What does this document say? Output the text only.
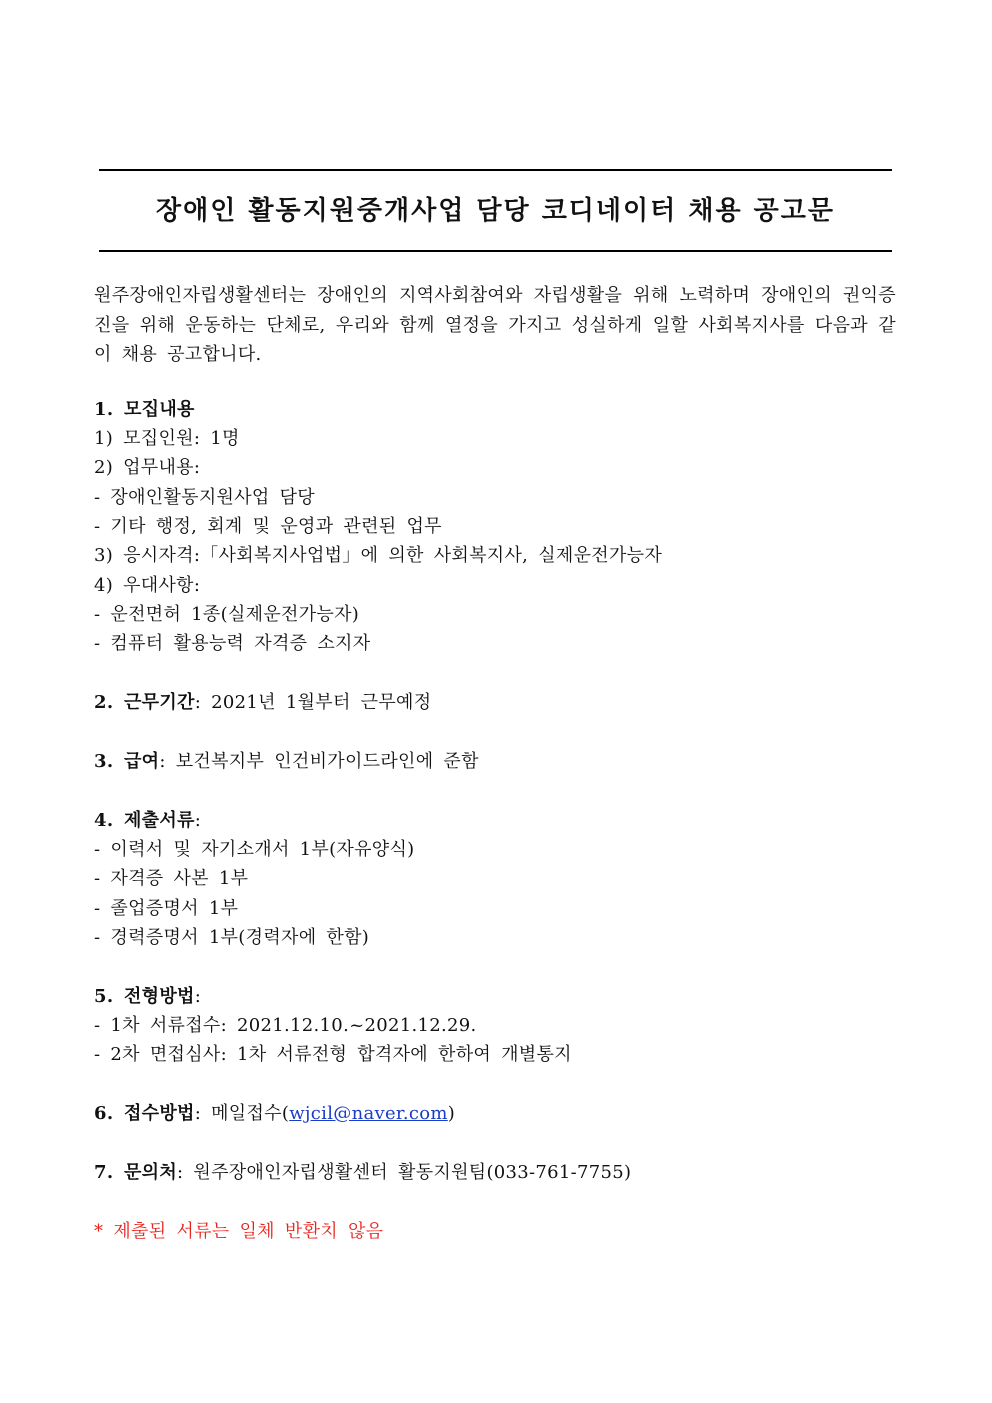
장애인 활동지원중개사업 담당 코디네이터 채용 공고문
원주장애인자립생활센터는 장애인의 지역사회참여와 자립생활을 위해 노력하며 장애인의 권익증진을 위해 운동하는 단체로, 우리와 함께 열정을 가지고 성실하게 일할 사회복지사를 다음과 같이 채용 공고합니다.
1. 모집내용
1) 모집인원: 1명
2) 업무내용:
- 장애인활동지원사업 담당
- 기타 행정, 회계 및 운영과 관련된 업무
3) 응시자격:「사회복지사업법」에 의한 사회복지사, 실제운전가능자
4) 우대사항:
- 운전면허 1종(실제운전가능자)
- 컴퓨터 활용능력 자격증 소지자
2. 근무기간: 2021년 1월부터 근무예정
3. 급여: 보건복지부 인건비가이드라인에 준함
4. 제출서류:
- 이력서 및 자기소개서 1부(자유양식)
- 자격증 사본 1부
- 졸업증명서 1부
- 경력증명서 1부(경력자에 한함)
5. 전형방법:
- 1차 서류접수: 2021.12.10.~2021.12.29.
- 2차 면접심사: 1차 서류전형 합격자에 한하여 개별통지
6. 접수방법: 메일접수(wjcil@naver.com)
7. 문의처: 원주장애인자립생활센터 활동지원팀(033-761-7755)
* 제출된 서류는 일체 반환치 않음
